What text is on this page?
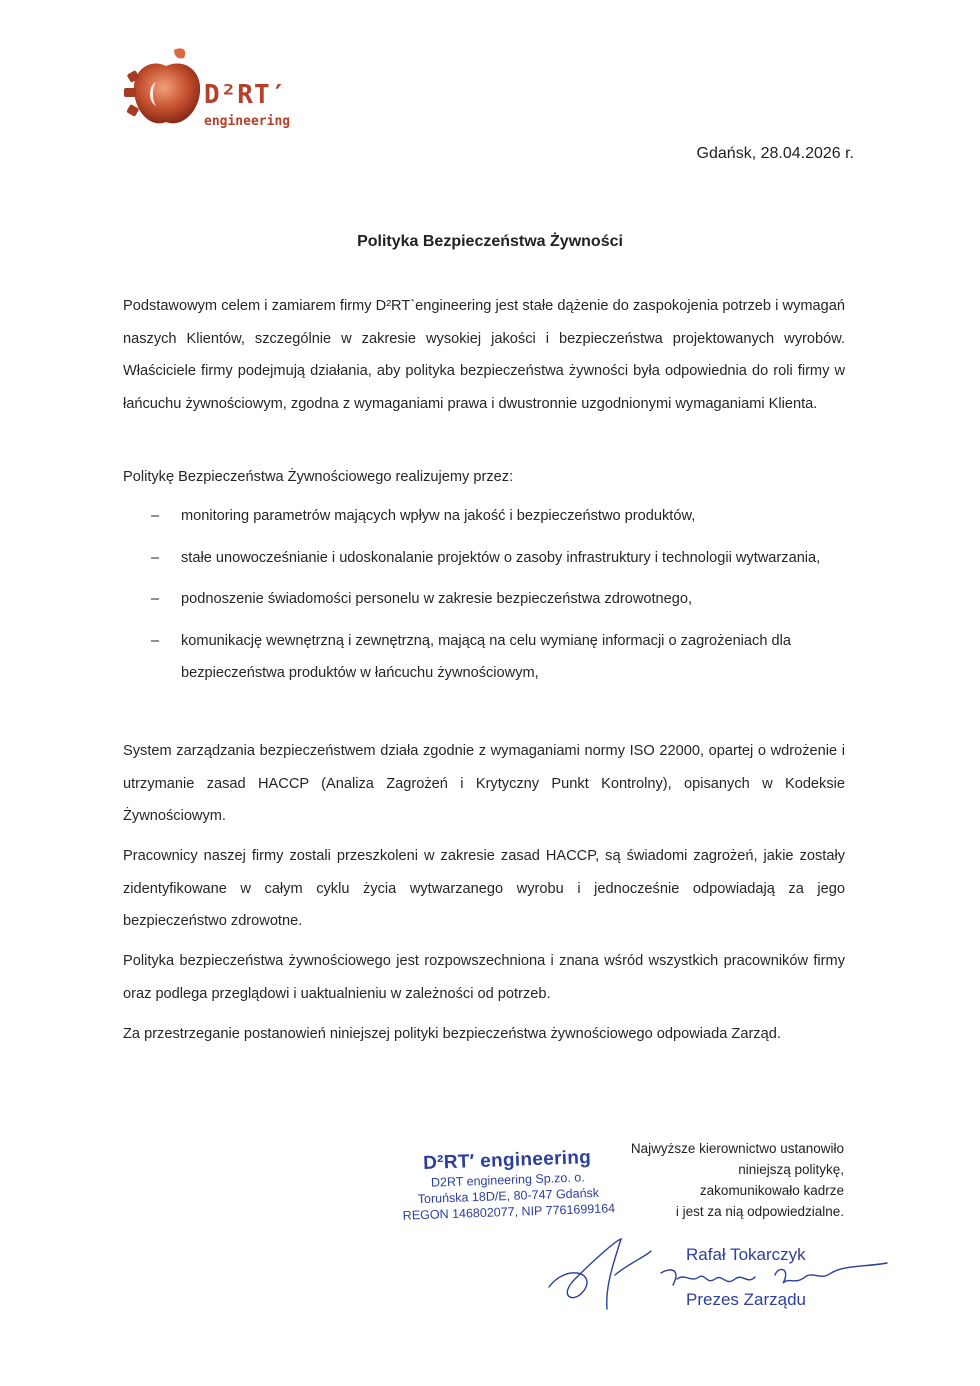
D²RT′
engineering
Gdańsk, 28.04.2026 r.
Polityka Bezpieczeństwa Żywności
Podstawowym celem i zamiarem firmy D²RT`engineering jest stałe dążenie do zaspokojenia potrzeb i wymagań naszych Klientów, szczególnie w zakresie wysokiej jakości i bezpieczeństwa projektowanych wyrobów. Właściciele firmy podejmują działania, aby polityka bezpieczeństwa żywności była odpowiednia do roli firmy w łańcuchu żywnościowym, zgodna z wymaganiami prawa i dwustronnie uzgodnionymi wymaganiami Klienta.
Politykę Bezpieczeństwa Żywnościowego realizujemy przez:
– monitoring parametrów mających wpływ na jakość i bezpieczeństwo produktów,
– stałe unowocześnianie i udoskonalanie projektów o zasoby infrastruktury i technologii wytwarzania,
– podnoszenie świadomości personelu w zakresie bezpieczeństwa zdrowotnego,
– komunikację wewnętrzną i zewnętrzną, mającą na celu wymianę informacji o zagrożeniach dla bezpieczeństwa produktów w łańcuchu żywnościowym,
System zarządzania bezpieczeństwem działa zgodnie z wymaganiami normy ISO 22000, opartej o wdrożenie i utrzymanie zasad HACCP (Analiza Zagrożeń i Krytyczny Punkt Kontrolny), opisanych w Kodeksie Żywnościowym.
Pracownicy naszej firmy zostali przeszkoleni w zakresie zasad HACCP, są świadomi zagrożeń, jakie zostały zidentyfikowane w całym cyklu życia wytwarzanego wyrobu i jednocześnie odpowiadają za jego bezpieczeństwo zdrowotne.
Polityka bezpieczeństwa żywnościowego jest rozpowszechniona i znana wśród wszystkich pracowników firmy oraz podlega przeglądowi i uaktualnieniu w zależności od potrzeb.
Za przestrzeganie postanowień niniejszej polityki bezpieczeństwa żywnościowego odpowiada Zarząd.
D²RT′ engineering
D2RT engineering Sp.zo. o.
Toruńska 18D/E, 80-747 Gdańsk
REGON 146802077, NIP 7761699164
Najwyższe kierownictwo ustanowiło
niniejszą politykę,
zakomunikowało kadrze
i jest za nią odpowiedzialne.
Rafał Tokarczyk
Prezes Zarządu
